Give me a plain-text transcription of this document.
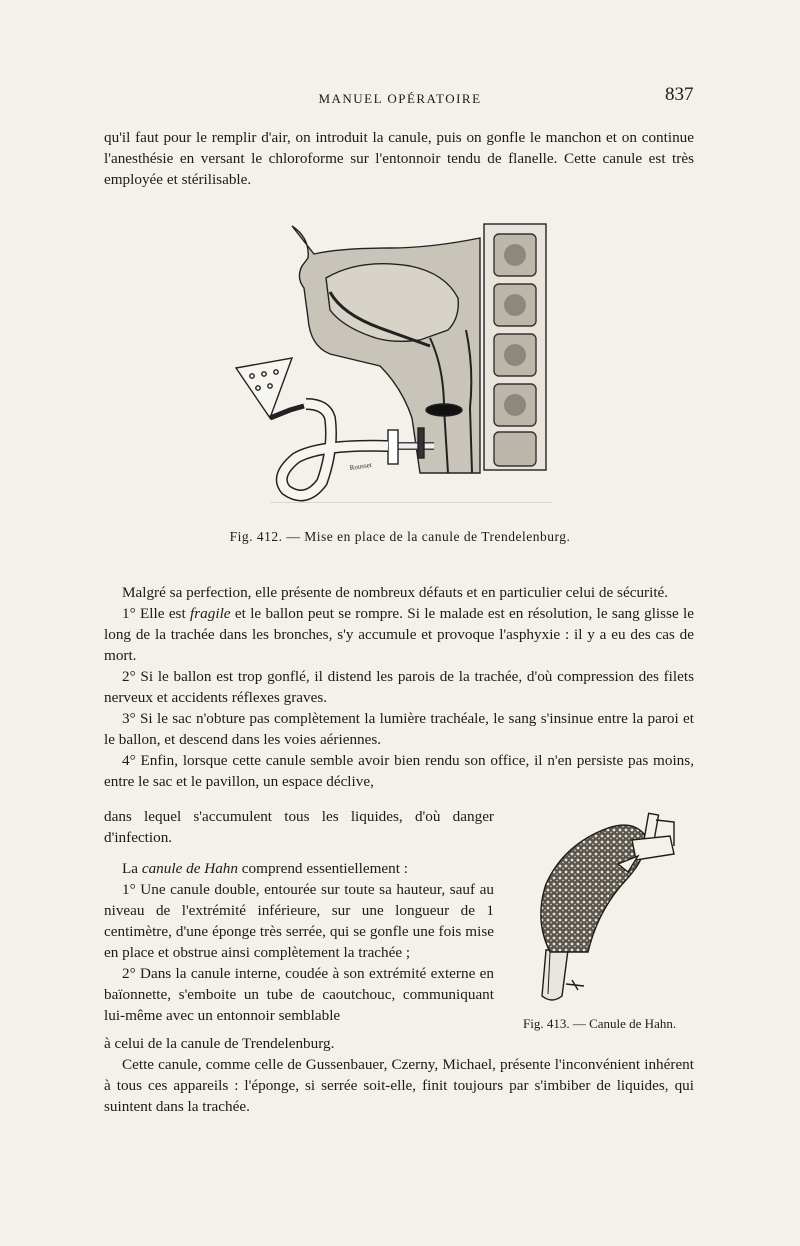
MANUEL OPÉRATOIRE	837

qu'il faut pour le remplir d'air, on introduit la canule, puis on gonfle le manchon et on continue l'anesthésie en versant le chloroforme sur l'entonnoir tendu de flanelle. Cette canule est très employée et stérilisable.

Rousset
Fig. 412. — Mise en place de la canule de Trendelenburg.

Malgré sa perfection, elle présente de nombreux défauts et en particulier celui de sécurité.

1° Elle est fragile et le ballon peut se rompre. Si le malade est en résolution, le sang glisse le long de la trachée dans les bronches, s'y accumule et provoque l'asphyxie : il y a eu des cas de mort.

2° Si le ballon est trop gonflé, il distend les parois de la trachée, d'où compression des filets nerveux et accidents réflexes graves.

3° Si le sac n'obture pas complètement la lumière trachéale, le sang s'insinue entre la paroi et le ballon, et descend dans les voies aériennes.

4° Enfin, lorsque cette canule semble avoir bien rendu son office, il n'en persiste pas moins, entre le sac et le pavillon, un espace déclive,

dans lequel s'accumulent tous les liquides, d'où danger d'infection.

La canule de Hahn comprend essentiellement :

1° Une canule double, entourée sur toute sa hauteur, sauf au niveau de l'extrémité inférieure, sur une longueur de 1 centimètre, d'une éponge très serrée, qui se gonfle une fois mise en place et obstrue ainsi complètement la trachée ;

2° Dans la canule interne, coudée à son extrémité externe en baïonnette, s'emboite un tube de caoutchouc, communiquant lui-même avec un entonnoir semblable

à celui de la canule de Trendelenburg.

Cette canule, comme celle de Gussenbauer, Czerny, Michael, présente l'inconvénient inhérent à tous ces appareils : l'éponge, si serrée soit-elle, finit toujours par s'imbiber de liquides, qui suintent dans la trachée.

Fig. 413. — Canule de Hahn.
